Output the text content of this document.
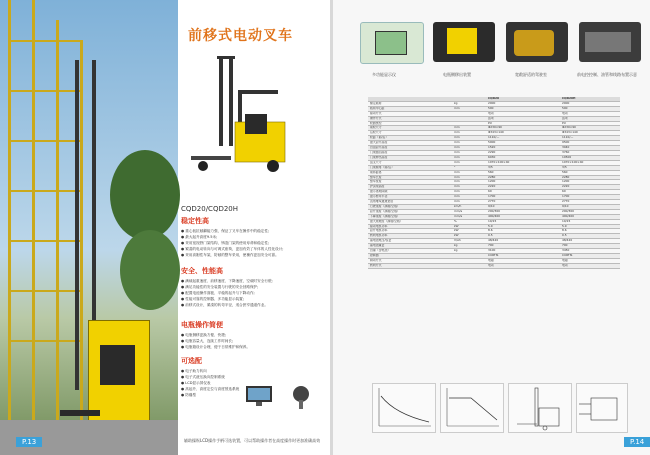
P.13
前移式电动叉车
CQD20/CQD20H
稳定性高
● 重心低抗倾翻能力强，保证了叉车在操作中的稳定性;
● 最大起升高度9.5米;
● 采用宽视野门架结构，铸造门架的使用寿命和稳定性;
● 紧凑的电动转向与可调式座椅，更加有效了车体的人性化设计;
● 采用高刚性车架，防倾的整车采用，使操作更加安全可靠。
安全、性能高
● 满载起重速度、前移速度、下降速度，空载时安全行驶;
● 满足功能性的安全装置与行驶的安全回路保护;
● 配置电池操作面板、平稳的起升与下降动作;
● 性能可靠的控制器、多功能显示装置;
● 前移式设计，紧凑的转弯半径，适合狭窄通道作业。
电瓶操作简便
● 电瓶侧移更换方便、快捷;
● 电瓶容量大，连续工作时间长;
● 电瓶箱设计合理，便于日常维护和保养。
可选配
● 电子助力转向
● 电子式液压换向控制系统
● LCD显示屏仪表
● 高起升、高度定位与高度预选系统
● 防爆型
辅助操纵LCD操作手柄可选装置，可以帮助操作者在高度操作时更加准确高效
多功能显示仪	电瓶侧移出装置	宽敞舒适的驾驶室	前电控控制、油管和线路布置示意
		CQD20	CQD20H
额定载荷	kg	2000	2000
载荷中心距	mm	500	500
驱动方式		电动	电动
操作方式		站驾	站驾
轮胎类型		PU	PU
前轮尺寸	mm	Φ230×90	Φ230×90
后轮尺寸	mm	Φ343×140	Φ343×140
轮距（前/后）	mm	1110/—	1110/—
最大起升高度	mm	5000	9500
自由起升高度	mm	1520	3040
门架缩回高度	mm	2290	3760
门架伸出高度	mm	6030	10500
货叉尺寸	mm	1070×100×40	1070×100×40
门架倾角（前/后）	°	3/5	3/5
前移距离	mm	560	560
整车长度	mm	2280	2280
整车宽度	mm	1200	1200
护顶架高度	mm	2220	2220
最小离地间隙	mm	60	60
最小转弯半径	mm	1700	1700
直角堆垛通道宽度	mm	2770	2770
行驶速度（满载/空载）	km/h	9/10	9/10
起升速度（满载/空载）	mm/s	200/300	200/300
下降速度（满载/空载）	mm/s	400/400	400/400
最大爬坡度（满载/空载）	%	10/15	10/15
驱动电机功率	kW	5.0	5.0
起升电机功率	kW	8.6	8.6
转向电机功率	kW	0.5	0.5
蓄电池电压/容量	V/Ah	48/420	48/420
蓄电池重量	kg	700	700
自重（含电池）	kg	3100	3450
控制器		CURTIS	CURTIS
制动方式		电磁	电磁
转向方式		电动	电动
P.14
